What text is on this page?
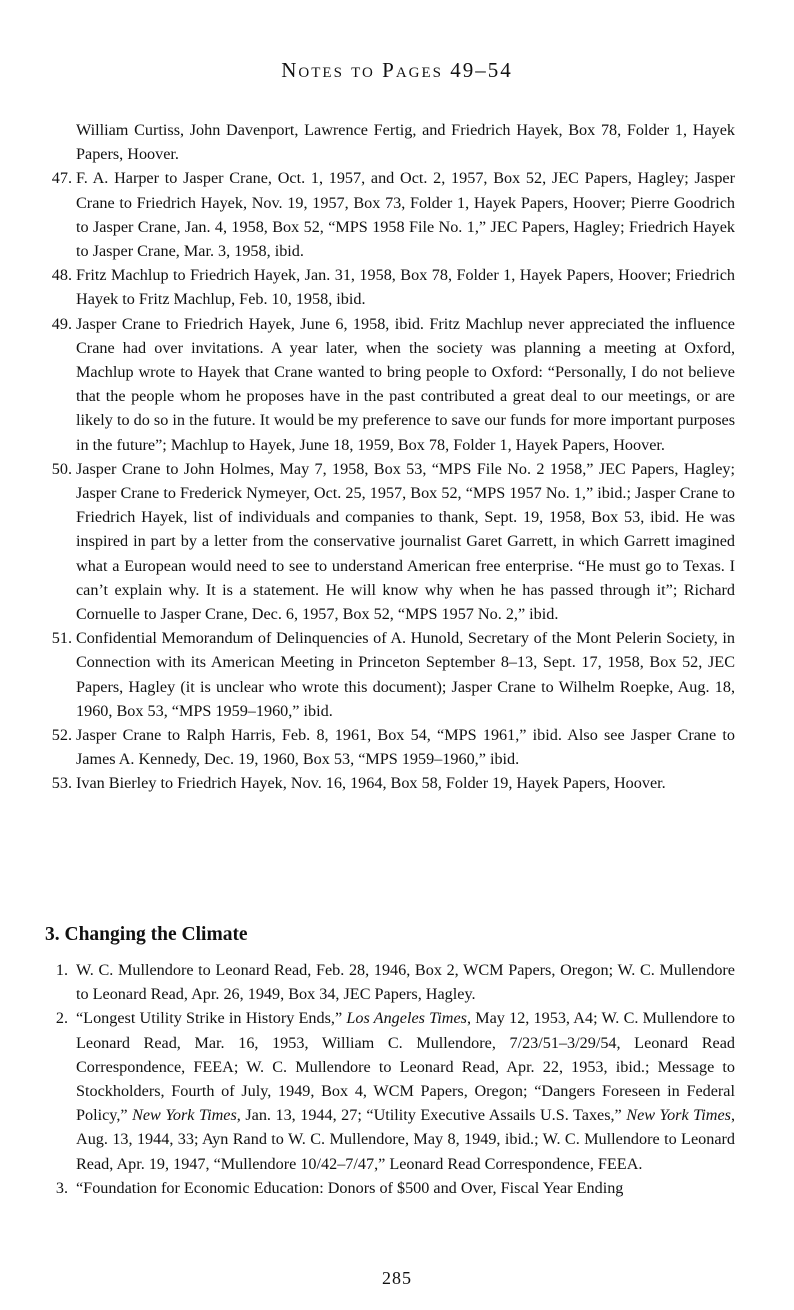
Notes to Pages 49–54

William Curtiss, John Davenport, Lawrence Fertig, and Friedrich Hayek, Box 78, Folder 1, Hayek Papers, Hoover.

47. F. A. Harper to Jasper Crane, Oct. 1, 1957, and Oct. 2, 1957, Box 52, JEC Papers, Hagley; Jasper Crane to Friedrich Hayek, Nov. 19, 1957, Box 73, Folder 1, Hayek Papers, Hoover; Pierre Goodrich to Jasper Crane, Jan. 4, 1958, Box 52, “MPS 1958 File No. 1,” JEC Papers, Hagley; Friedrich Hayek to Jasper Crane, Mar. 3, 1958, ibid.

48. Fritz Machlup to Friedrich Hayek, Jan. 31, 1958, Box 78, Folder 1, Hayek Papers, Hoover; Friedrich Hayek to Fritz Machlup, Feb. 10, 1958, ibid.

49. Jasper Crane to Friedrich Hayek, June 6, 1958, ibid. Fritz Machlup never appreciated the influence Crane had over invitations. A year later, when the society was planning a meeting at Oxford, Machlup wrote to Hayek that Crane wanted to bring people to Oxford: “Personally, I do not believe that the people whom he proposes have in the past contributed a great deal to our meetings, or are likely to do so in the future. It would be my preference to save our funds for more important purposes in the future”; Machlup to Hayek, June 18, 1959, Box 78, Folder 1, Hayek Papers, Hoover.

50. Jasper Crane to John Holmes, May 7, 1958, Box 53, “MPS File No. 2 1958,” JEC Papers, Hagley; Jasper Crane to Frederick Nymeyer, Oct. 25, 1957, Box 52, “MPS 1957 No. 1,” ibid.; Jasper Crane to Friedrich Hayek, list of individuals and companies to thank, Sept. 19, 1958, Box 53, ibid. He was inspired in part by a letter from the conservative journalist Garet Garrett, in which Garrett imagined what a European would need to see to understand American free enterprise. “He must go to Texas. I can’t explain why. It is a statement. He will know why when he has passed through it”; Richard Cornuelle to Jasper Crane, Dec. 6, 1957, Box 52, “MPS 1957 No. 2,” ibid.

51. Confidential Memorandum of Delinquencies of A. Hunold, Secretary of the Mont Pelerin Society, in Connection with its American Meeting in Princeton September 8–13, Sept. 17, 1958, Box 52, JEC Papers, Hagley (it is unclear who wrote this document); Jasper Crane to Wilhelm Roepke, Aug. 18, 1960, Box 53, “MPS 1959–1960,” ibid.

52. Jasper Crane to Ralph Harris, Feb. 8, 1961, Box 54, “MPS 1961,” ibid. Also see Jasper Crane to James A. Kennedy, Dec. 19, 1960, Box 53, “MPS 1959–1960,” ibid.

53. Ivan Bierley to Friedrich Hayek, Nov. 16, 1964, Box 58, Folder 19, Hayek Papers, Hoover.

3. Changing the Climate

1. W. C. Mullendore to Leonard Read, Feb. 28, 1946, Box 2, WCM Papers, Oregon; W. C. Mullendore to Leonard Read, Apr. 26, 1949, Box 34, JEC Papers, Hagley.

2. “Longest Utility Strike in History Ends,” Los Angeles Times, May 12, 1953, A4; W. C. Mullendore to Leonard Read, Mar. 16, 1953, William C. Mullendore, 7/23/51–3/29/54, Leonard Read Correspondence, FEEA; W. C. Mullendore to Leonard Read, Apr. 22, 1953, ibid.; Message to Stockholders, Fourth of July, 1949, Box 4, WCM Papers, Oregon; “Dangers Foreseen in Federal Policy,” New York Times, Jan. 13, 1944, 27; “Utility Executive Assails U.S. Taxes,” New York Times, Aug. 13, 1944, 33; Ayn Rand to W. C. Mullendore, May 8, 1949, ibid.; W. C. Mullendore to Leonard Read, Apr. 19, 1947, “Mullendore 10/42–7/47,” Leonard Read Correspondence, FEEA.

3. “Foundation for Economic Education: Donors of $500 and Over, Fiscal Year Ending

285
